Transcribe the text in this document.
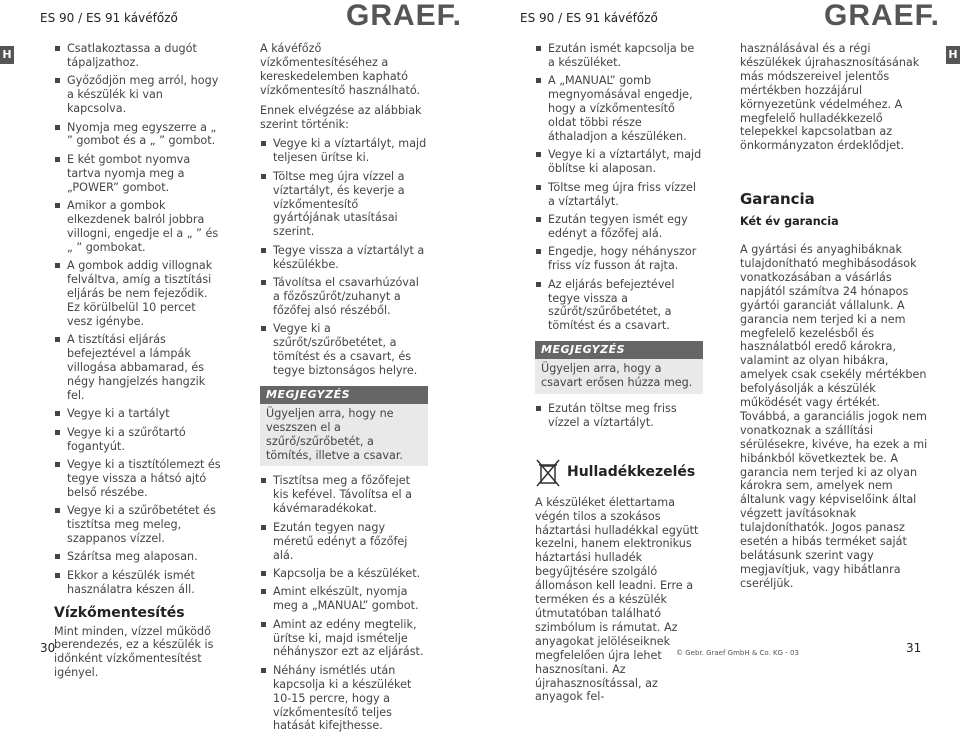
ES 90 / ES 91 kávéfőző	GRAEF.	ES 90 / ES 91 kávéfőző	GRAEF.
H	H
Csatlakoztassa a dugót tápaljzathoz.
Győződjön meg arról, hogy a készülék ki van kapcsolva.
Nyomja meg egyszerre a „ ” gombot és a „ ” gombot.
E két gombot nyomva tartva nyomja meg a „POWER” gombot.
Amikor a gombok elkezdenek balról jobbra villogni, engedje el a „ ” és „ ” gombokat.
A gombok addig villognak felváltva, amíg a tisztítási eljárás be nem fejeződik. Ez körülbelül 10 percet vesz igénybe.
A tisztítási eljárás befejeztével a lámpák villogása abbamarad, és négy hangjelzés hangzik fel.
Vegye ki a tartályt
Vegye ki a szűrőtartó fogantyút.
Vegye ki a tisztítólemezt és tegye vissza a hátsó ajtó belső részébe.
Vegye ki a szűrőbetétet és tisztítsa meg meleg, szappanos vízzel.
Szárítsa meg alaposan.
Ekkor a készülék ismét használatra készen áll.
Vízkőmentesítés

Mint minden, vízzel működő berendezés, ez a készülék is időnként vízkőmentesítést igényel.

A kávéfőző vízkőmentesítéséhez a kereskedelemben kapható vízkőmentesítő használható.

Ennek elvégzése az alábbiak szerint történik:

Vegye ki a víztartályt, majd teljesen ürítse ki.
Töltse meg újra vízzel a víztartályt, és keverje a vízkőmentesítő gyártójának utasításai szerint.
Tegye vissza a víztartályt a készülékbe.
Távolítsa el csavarhúzóval a főzőszűrőt/zuhanyt a főzőfej alsó részéből.
Vegye ki a szűrőt/szűrőbetétet, a tömítést és a csavart, és tegye biztonságos helyre.
MEGJEGYZÉS
Ügyeljen arra, hogy ne veszszen el a szűrő/szűrőbetét, a tömítés, illetve a csavar.
Tisztítsa meg a főzőfejet kis kefével. Távolítsa el a kávémaradékokat.
Ezután tegyen nagy méretű edényt a főzőfej alá.
Kapcsolja be a készüléket.
Amint elkészült, nyomja meg a „MANUAL” gombot.
Amint az edény megtelik, ürítse ki, majd ismételje néhányszor ezt az eljárást.
Néhány ismétlés után kapcsolja ki a készüléket 10-15 percre, hogy a vízkőmentesítő teljes hatását kifejthesse.
Ezután ismét kapcsolja be a készüléket.
A „MANUAL” gomb megnyomásával engedje, hogy a vízkőmentesítő oldat többi része áthaladjon a készüléken.
Vegye ki a víztartályt, majd öblítse ki alaposan.
Töltse meg újra friss vízzel a víztartályt.
Ezután tegyen ismét egy edényt a főzőfej alá.
Engedje, hogy néhányszor friss víz fusson át rajta.
Az eljárás befejeztével tegye vissza a szűrőt/szűrőbetétet, a tömítést és a csavart.
MEGJEGYZÉS
Ügyeljen arra, hogy a csavart erősen húzza meg.
Ezután töltse meg friss vízzel a víztartályt.
Hulladékkezelés

A készüléket élettartama végén tilos a szokásos háztartási hulladékkal együtt kezelni, hanem elektronikus háztartási hulladék begyűjtésére szolgáló állomáson kell leadni. Erre a terméken és a készülék útmutatóban található szimbólum is rámutat. Az anyagokat jelöléseiknek megfelelően újra lehet hasznosítani. Az újrahasznosítással, az anyagok fel-

használásával és a régi készülékek újrahasznosításának más módszereivel jelentős mértékben hozzájárul környezetünk védelméhez. A megfelelő hulladékkezelő telepekkel kapcsolatban az önkormányzaton érdeklődjet.

Garancia
Két év garancia

A gyártási és anyaghibáknak tulajdonítható meghibásodások vonatkozásában a vásárlás napjától számítva 24 hónapos gyártói garanciát vállalunk. A garancia nem terjed ki a nem megfelelő kezelésből és használatból eredő károkra, valamint az olyan hibákra, amelyek csak csekély mértékben befolyásolják a készülék működését vagy értékét. Továbbá, a garanciális jogok nem vonatkoznak a szállítási sérülésekre, kivéve, ha ezek a mi hibánkból következtek be. A garancia nem terjed ki az olyan károkra sem, amelyek nem általunk vagy képviselőink által végzett javításoknak tulajdoníthatók. Jogos panasz esetén a hibás terméket saját belátásunk szerint vagy megjavítjuk, vagy hibátlanra cseréljük.

30	31
© Gebr. Graef GmbH & Co. KG - 03
